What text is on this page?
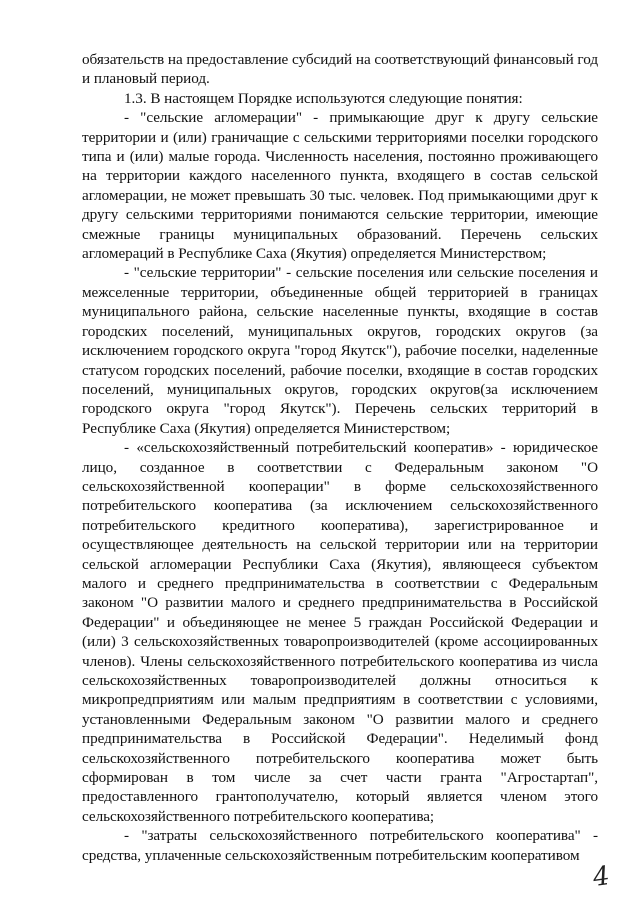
обязательств на предоставление субсидий на соответствующий финансовый год и плановый период.

1.3. В настоящем Порядке используются следующие понятия:

- "сельские агломерации" - примыкающие друг к другу сельские территории и (или) граничащие с сельскими территориями поселки городского типа и (или) малые города. Численность населения, постоянно проживающего на территории каждого населенного пункта, входящего в состав сельской агломерации, не может превышать 30 тыс. человек. Под примыкающими друг к другу сельскими территориями понимаются сельские территории, имеющие смежные границы муниципальных образований. Перечень сельских агломераций в Республике Саха (Якутия) определяется Министерством;

- "сельские территории" - сельские поселения или сельские поселения и межселенные территории, объединенные общей территорией в границах муниципального района, сельские населенные пункты, входящие в состав городских поселений, муниципальных округов, городских округов (за исключением городского округа "город Якутск"), рабочие поселки, наделенные статусом городских поселений, рабочие поселки, входящие в состав городских поселений, муниципальных округов, городских округов(за исключением городского округа "город Якутск"). Перечень сельских территорий в Республике Саха (Якутия) определяется Министерством;

- «сельскохозяйственный потребительский кооператив» - юридическое лицо, созданное в соответствии с Федеральным законом "О сельскохозяйственной кооперации" в форме сельскохозяйственного потребительского кооператива (за исключением сельскохозяйственного потребительского кредитного кооператива), зарегистрированное и осуществляющее деятельность на сельской территории или на территории сельской агломерации Республики Саха (Якутия), являющееся субъектом малого и среднего предпринимательства в соответствии с Федеральным законом "О развитии малого и среднего предпринимательства в Российской Федерации" и объединяющее не менее 5 граждан Российской Федерации и (или) 3 сельскохозяйственных товаропроизводителей (кроме ассоциированных членов). Члены сельскохозяйственного потребительского кооператива из числа сельскохозяйственных товаропроизводителей должны относиться к микропредприятиям или малым предприятиям в соответствии с условиями, установленными Федеральным законом "О развитии малого и среднего предпринимательства в Российской Федерации". Неделимый фонд сельскохозяйственного потребительского кооператива может быть сформирован в том числе за счет части гранта "Агростартап", предоставленного грантополучателю, который является членом этого сельскохозяйственного потребительского кооператива;

- "затраты сельскохозяйственного потребительского кооператива" - средства, уплаченные сельскохозяйственным потребительским кооперативом

4
